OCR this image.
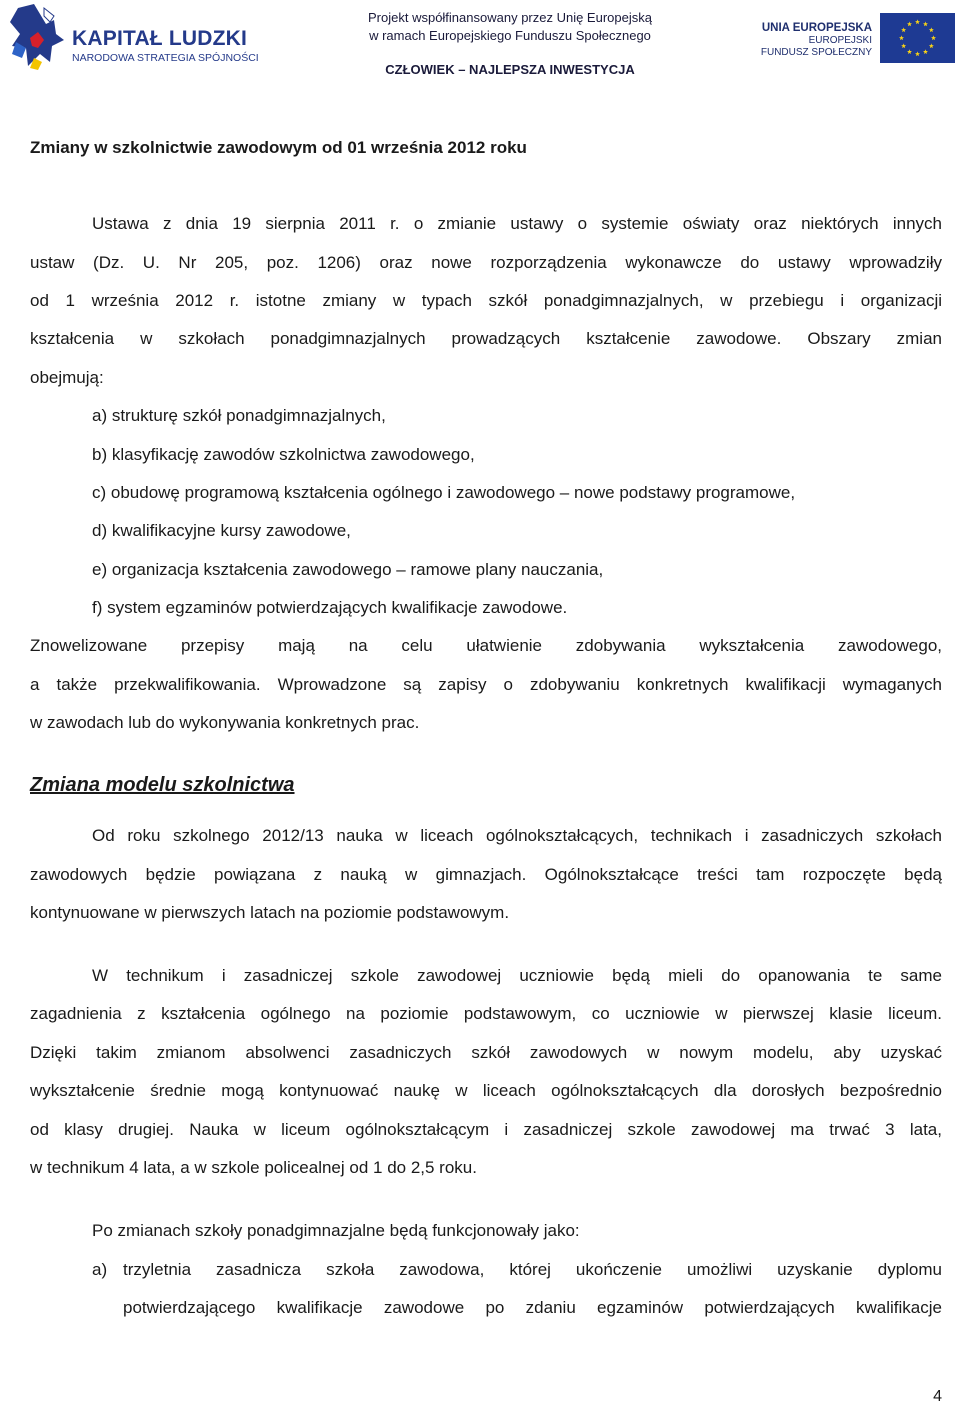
KAPITAŁ LUDZKI
NARODOWA STRATEGIA SPÓJNOŚCI
Projekt współfinansowany przez Unię Europejską
w ramach Europejskiego Funduszu Społecznego
CZŁOWIEK – NAJLEPSZA INWESTYCJA
UNIA EUROPEJSKA
EUROPEJSKI
FUNDUSZ SPOŁECZNY
Zmiany w szkolnictwie zawodowym od 01 września 2012 roku
Ustawa z dnia 19 sierpnia 2011 r. o zmianie ustawy o systemie oświaty oraz niektórych innych
ustaw (Dz. U. Nr 205, poz. 1206) oraz nowe rozporządzenia wykonawcze do ustawy wprowadziły
od 1 września 2012 r. istotne zmiany w typach szkół ponadgimnazjalnych, w przebiegu i organizacji
kształcenia w szkołach ponadgimnazjalnych prowadzących kształcenie zawodowe. Obszary zmian
obejmują:
a) strukturę szkół ponadgimnazjalnych,
b) klasyfikację zawodów szkolnictwa zawodowego,
c) obudowę programową kształcenia ogólnego i zawodowego – nowe podstawy programowe,
d) kwalifikacyjne kursy zawodowe,
e) organizacja kształcenia zawodowego – ramowe plany nauczania,
f) system egzaminów potwierdzających kwalifikacje zawodowe.
Znowelizowane przepisy mają na celu ułatwienie zdobywania wykształcenia zawodowego,
a także przekwalifikowania. Wprowadzone są zapisy o zdobywaniu konkretnych kwalifikacji wymaganych
w zawodach lub do wykonywania konkretnych prac.
Zmiana modelu szkolnictwa
Od roku szkolnego 2012/13 nauka w liceach ogólnokształcących, technikach i zasadniczych szkołach
zawodowych będzie powiązana z nauką w gimnazjach. Ogólnokształcące treści tam rozpoczęte będą
kontynuowane w pierwszych latach na poziomie podstawowym.
W technikum i zasadniczej szkole zawodowej uczniowie będą mieli do opanowania te same
zagadnienia z kształcenia ogólnego na poziomie podstawowym, co uczniowie w pierwszej klasie liceum.
Dzięki takim zmianom absolwenci zasadniczych szkół zawodowych w nowym modelu, aby uzyskać
wykształcenie średnie mogą kontynuować naukę w liceach ogólnokształcących dla dorosłych bezpośrednio
od klasy drugiej. Nauka w liceum ogólnokształcącym i zasadniczej szkole zawodowej ma trwać 3 lata,
w technikum 4 lata, a w szkole policealnej od 1 do 2,5 roku.
Po zmianach szkoły ponadgimnazjalne będą funkcjonowały jako:
a) trzyletnia zasadnicza szkoła zawodowa, której ukończenie umożliwi uzyskanie dyplomu
potwierdzającego kwalifikacje zawodowe po zdaniu egzaminów potwierdzających kwalifikacje
4
